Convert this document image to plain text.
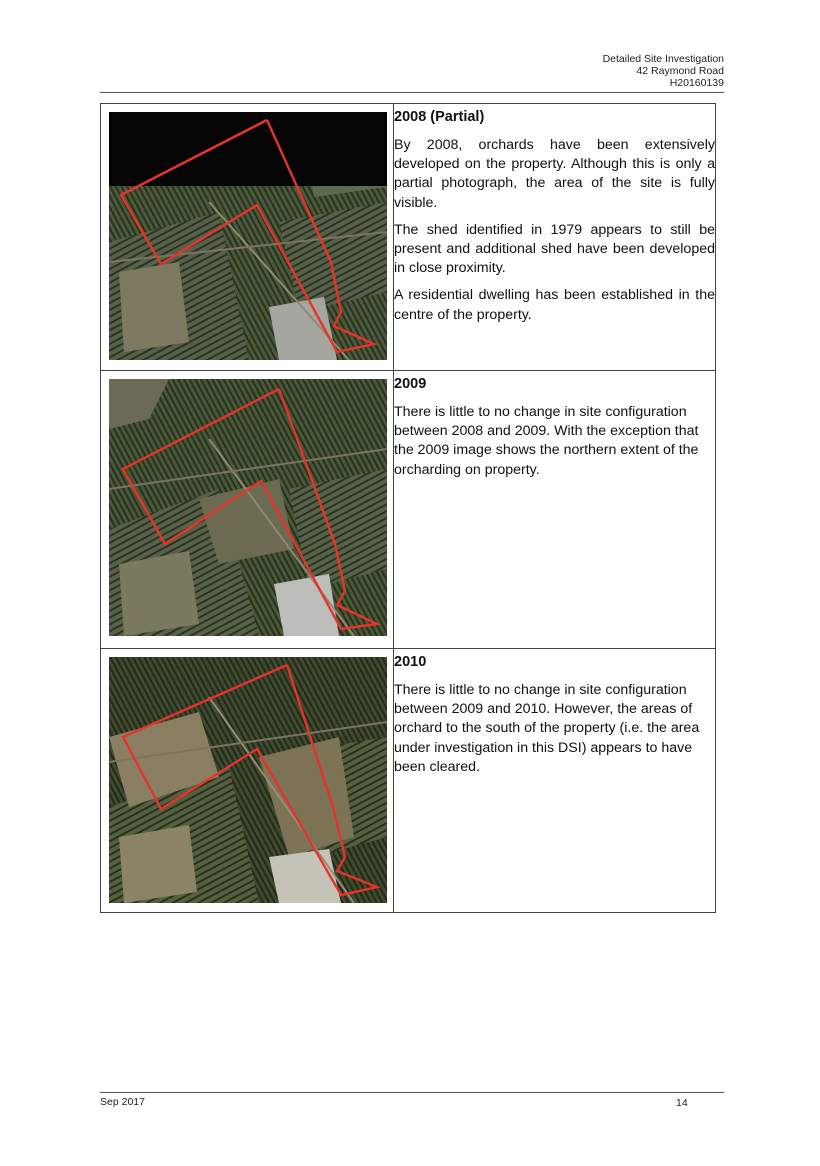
Detailed Site Investigation
42 Raymond Road
H20160139

2008 (Partial)

By 2008, orchards have been extensively developed on the property. Although this is only a partial photograph, the area of the site is fully visible.

The shed identified in 1979 appears to still be present and additional shed have been developed in close proximity.

A residential dwelling has been established in the centre of the property.

2009

There is little to no change in site configuration between 2008 and 2009. With the exception that the 2009 image shows the northern extent of the orcharding on property.

2010

There is little to no change in site configuration between 2009 and 2010. However, the areas of orchard to the south of the property (i.e. the area under investigation in this DSI) appears to have been cleared.

Sep 2017	14
